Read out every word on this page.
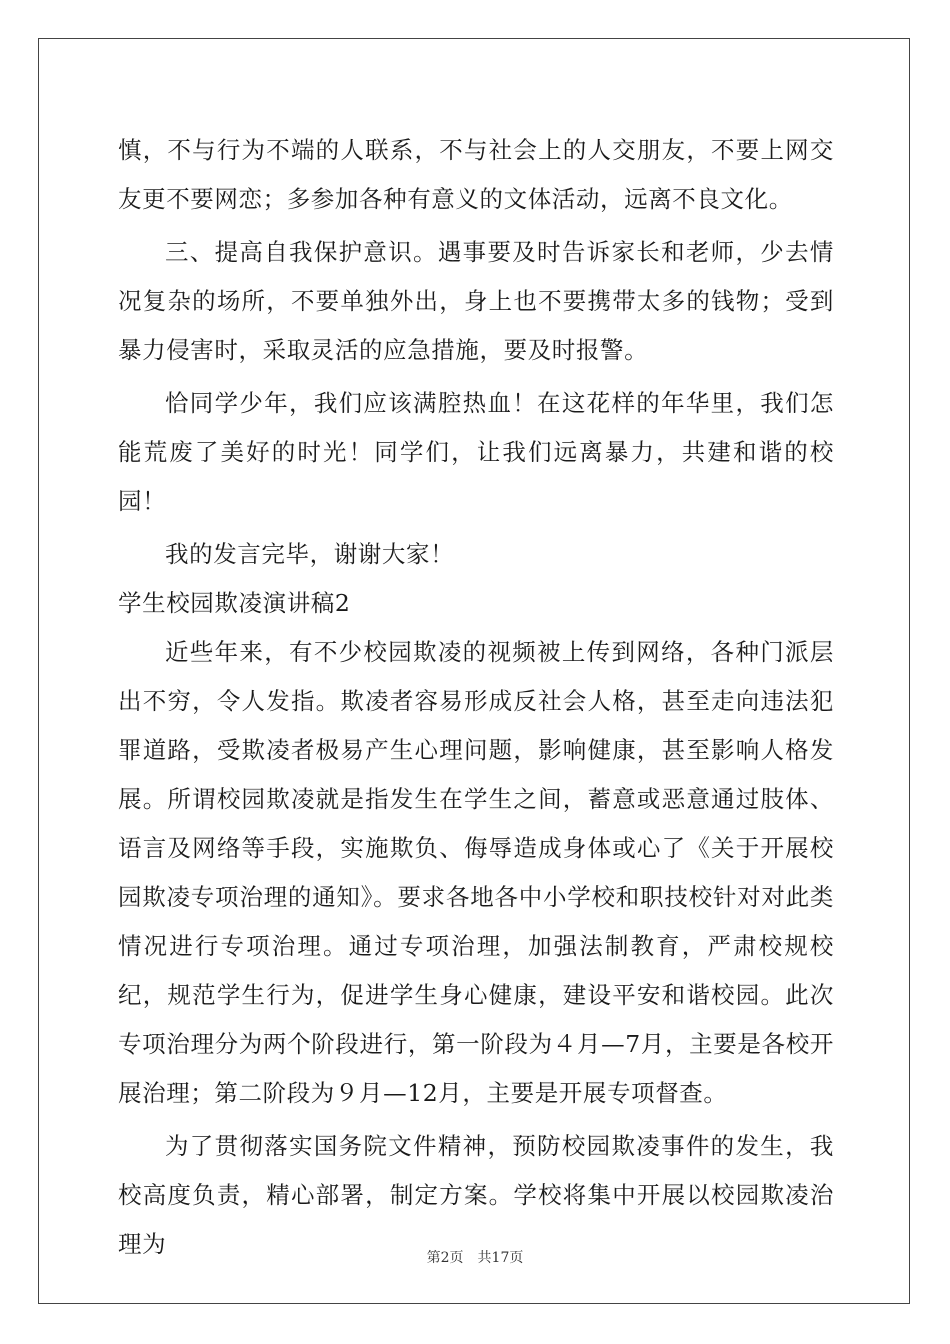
慎，不与行为不端的人联系，不与社会上的人交朋友，不要上网交友更不要网恋；多参加各种有意义的文体活动，远离不良文化。

三、提高自我保护意识。遇事要及时告诉家长和老师，少去情况复杂的场所，不要单独外出，身上也不要携带太多的钱物；受到暴力侵害时，采取灵活的应急措施，要及时报警。

恰同学少年，我们应该满腔热血！在这花样的年华里，我们怎能荒废了美好的时光！同学们，让我们远离暴力，共建和谐的校园！

我的发言完毕，谢谢大家！

学生校园欺凌演讲稿2

近些年来，有不少校园欺凌的视频被上传到网络，各种门派层出不穷，令人发指。欺凌者容易形成反社会人格，甚至走向违法犯罪道路，受欺凌者极易产生心理问题，影响健康，甚至影响人格发展。所谓校园欺凌就是指发生在学生之间，蓄意或恶意通过肢体、语言及网络等手段，实施欺负、侮辱造成身体或心了《关于开展校园欺凌专项治理的通知》。要求各地各中小学校和职技校针对对此类情况进行专项治理。通过专项治理，加强法制教育，严肃校规校纪，规范学生行为，促进学生身心健康，建设平安和谐校园。此次专项治理分为两个阶段进行，第一阶段为４月—7月，主要是各校开展治理；第二阶段为９月—12月，主要是开展专项督查。

为了贯彻落实国务院文件精神，预防校园欺凌事件的发生，我校高度负责，精心部署，制定方案。学校将集中开展以校园欺凌治理为	第2页　共17页
